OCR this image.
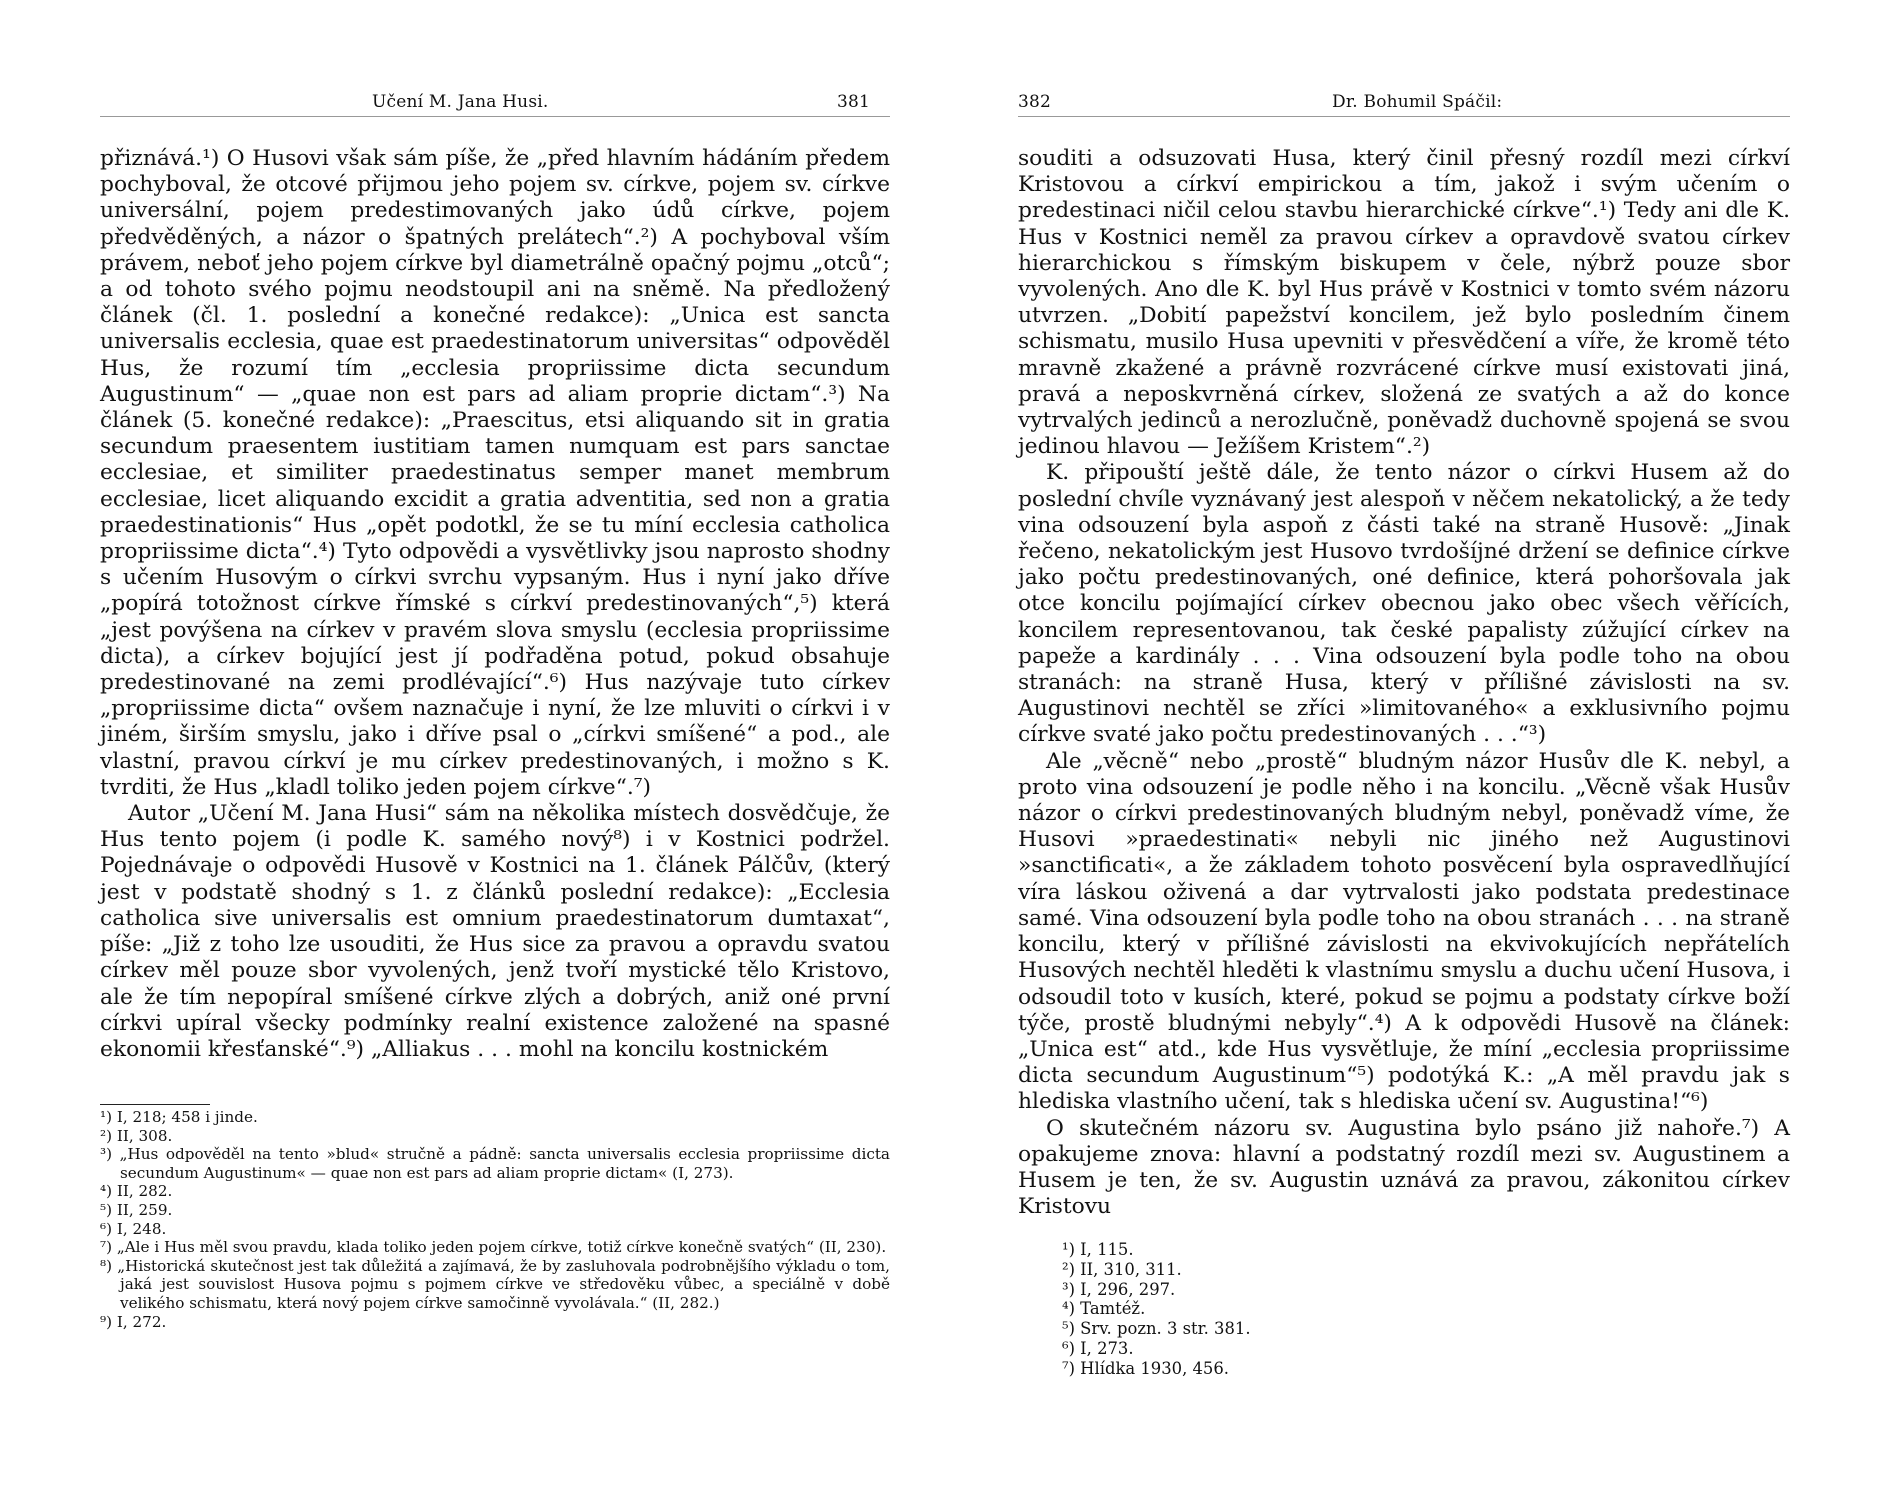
Učení M. Jana Husi.	381

přiznává.¹) O Husovi však sám píše, že „před hlavním hádáním předem pochyboval, že otcové přijmou jeho pojem sv. církve, pojem sv. církve universální, pojem predestimovaných jako údů církve, pojem předvěděných, a názor o špatných prelátech“.²) A pochyboval vším právem, neboť jeho pojem církve byl diametrálně opačný pojmu „otců“; a od tohoto svého pojmu neodstoupil ani na sněmě. Na předložený článek (čl. 1. poslední a konečné redakce): „Unica est sancta universalis ecclesia, quae est praedestinatorum universitas“ odpověděl Hus, že rozumí tím „ecclesia propriissime dicta secundum Augustinum“ — „quae non est pars ad aliam proprie dictam“.³) Na článek (5. konečné redakce): „Praescitus, etsi aliquando sit in gratia secundum praesentem iustitiam tamen numquam est pars sanctae ecclesiae, et similiter praedestinatus semper manet membrum ecclesiae, licet aliquando excidit a gratia adventitia, sed non a gratia praedestinationis“ Hus „opět podotkl, že se tu míní ecclesia catholica propriissime dicta“.⁴) Tyto odpovědi a vysvětlivky jsou naprosto shodny s učením Husovým o církvi svrchu vypsaným. Hus i nyní jako dříve „popírá totožnost církve římské s církví predestinovaných“,⁵) která „jest povýšena na církev v pravém slova smyslu (ecclesia propriissime dicta), a církev bojující jest jí podřaděna potud, pokud obsahuje predestinované na zemi prodlévající“.⁶) Hus nazývaje tuto církev „propriissime dicta“ ovšem naznačuje i nyní, že lze mluviti o církvi i v jiném, širším smyslu, jako i dříve psal o „církvi smíšené“ a pod., ale vlastní, pravou církví je mu církev predestinovaných, i možno s K. tvrditi, že Hus „kladl toliko jeden pojem církve“.⁷)

Autor „Učení M. Jana Husi“ sám na několika místech dosvědčuje, že Hus tento pojem (i podle K. samého nový⁸) i v Kostnici podržel. Pojednávaje o odpovědi Husově v Kostnici na 1. článek Pálčův, (který jest v podstatě shodný s 1. z článků poslední redakce): „Ecclesia catholica sive universalis est omnium praedestinatorum dumtaxat“, píše: „Již z toho lze usouditi, že Hus sice za pravou a opravdu svatou církev měl pouze sbor vyvolených, jenž tvoří mystické tělo Kristovo, ale že tím nepopíral smíšené církve zlých a dobrých, aniž oné první církvi upíral všecky podmínky realní existence založené na spasné ekonomii křesťanské“.⁹) „Alliakus . . . mohl na koncilu kostnickém

¹) I, 218; 458 i jinde.

²) II, 308.

³) „Hus odpověděl na tento »blud« stručně a pádně: sancta universalis ecclesia propriissime dicta secundum Augustinum« — quae non est pars ad aliam proprie dictam« (I, 273).

⁴) II, 282.

⁵) II, 259.

⁶) I, 248.

⁷) „Ale i Hus měl svou pravdu, klada toliko jeden pojem církve, totiž církve konečně svatých“ (II, 230).

⁸) „Historická skutečnost jest tak důležitá a zajímavá, že by zasluhovala podrobnějšího výkladu o tom, jaká jest souvislost Husova pojmu s pojmem církve ve středověku vůbec, a speciálně v době velikého schismatu, která nový pojem církve samočinně vyvolávala.“ (II, 282.)

⁹) I, 272.

382	Dr. Bohumil Spáčil:

souditi a odsuzovati Husa, který činil přesný rozdíl mezi církví Kristovou a církví empirickou a tím, jakož i svým učením o predestinaci ničil celou stavbu hierarchické církve“.¹) Tedy ani dle K. Hus v Kostnici neměl za pravou církev a opravdově svatou církev hierarchickou s římským biskupem v čele, nýbrž pouze sbor vyvolených. Ano dle K. byl Hus právě v Kostnici v tomto svém názoru utvrzen. „Dobití papežství koncilem, jež bylo posledním činem schismatu, musilo Husa upevniti v přesvědčení a víře, že kromě této mravně zkažené a právně rozvrácené církve musí existovati jiná, pravá a neposkvrněná církev, složená ze svatých a až do konce vytrvalých jedinců a nerozlučně, poněvadž duchovně spojená se svou jedinou hlavou — Ježíšem Kristem“.²)

K. připouští ještě dále, že tento názor o církvi Husem až do poslední chvíle vyznávaný jest alespoň v něčem nekatolický, a že tedy vina odsouzení byla aspoň z části také na straně Husově: „Jinak řečeno, nekatolickým jest Husovo tvrdošíjné držení se definice církve jako počtu predestinovaných, oné definice, která pohoršovala jak otce koncilu pojímající církev obecnou jako obec všech věřících, koncilem representovanou, tak české papalisty zúžující církev na papeže a kardinály . . . Vina odsouzení byla podle toho na obou stranách: na straně Husa, který v přílišné závislosti na sv. Augustinovi nechtěl se zříci »limitovaného« a exklusivního pojmu církve svaté jako počtu predestinovaných . . .“³)

Ale „věcně“ nebo „prostě“ bludným názor Husův dle K. nebyl, a proto vina odsouzení je podle něho i na koncilu. „Věcně však Husův názor o církvi predestinovaných bludným nebyl, poněvadž víme, že Husovi »praedestinati« nebyli nic jiného než Augustinovi »sanctificati«, a že základem tohoto posvěcení byla ospravedlňující víra láskou oživená a dar vytrvalosti jako podstata predestinace samé. Vina odsouzení byla podle toho na obou stranách . . . na straně koncilu, který v přílišné závislosti na ekvivokujících nepřátelích Husových nechtěl hleděti k vlastnímu smyslu a duchu učení Husova, i odsoudil toto v kusích, které, pokud se pojmu a podstaty církve boží týče, prostě bludnými nebyly“.⁴) A k odpovědi Husově na článek: „Unica est“ atd., kde Hus vysvětluje, že míní „ecclesia propriissime dicta secundum Augustinum“⁵) podotýká K.: „A měl pravdu jak s hlediska vlastního učení, tak s hlediska učení sv. Augustina!“⁶)

O skutečném názoru sv. Augustina bylo psáno již nahoře.⁷) A opakujeme znova: hlavní a podstatný rozdíl mezi sv. Augustinem a Husem je ten, že sv. Augustin uznává za pravou, zákonitou církev Kristovu

¹) I, 115.

²) II, 310, 311.

³) I, 296, 297.

⁴) Tamtéž.

⁵) Srv. pozn. 3 str. 381.

⁶) I, 273.

⁷) Hlídka 1930, 456.
